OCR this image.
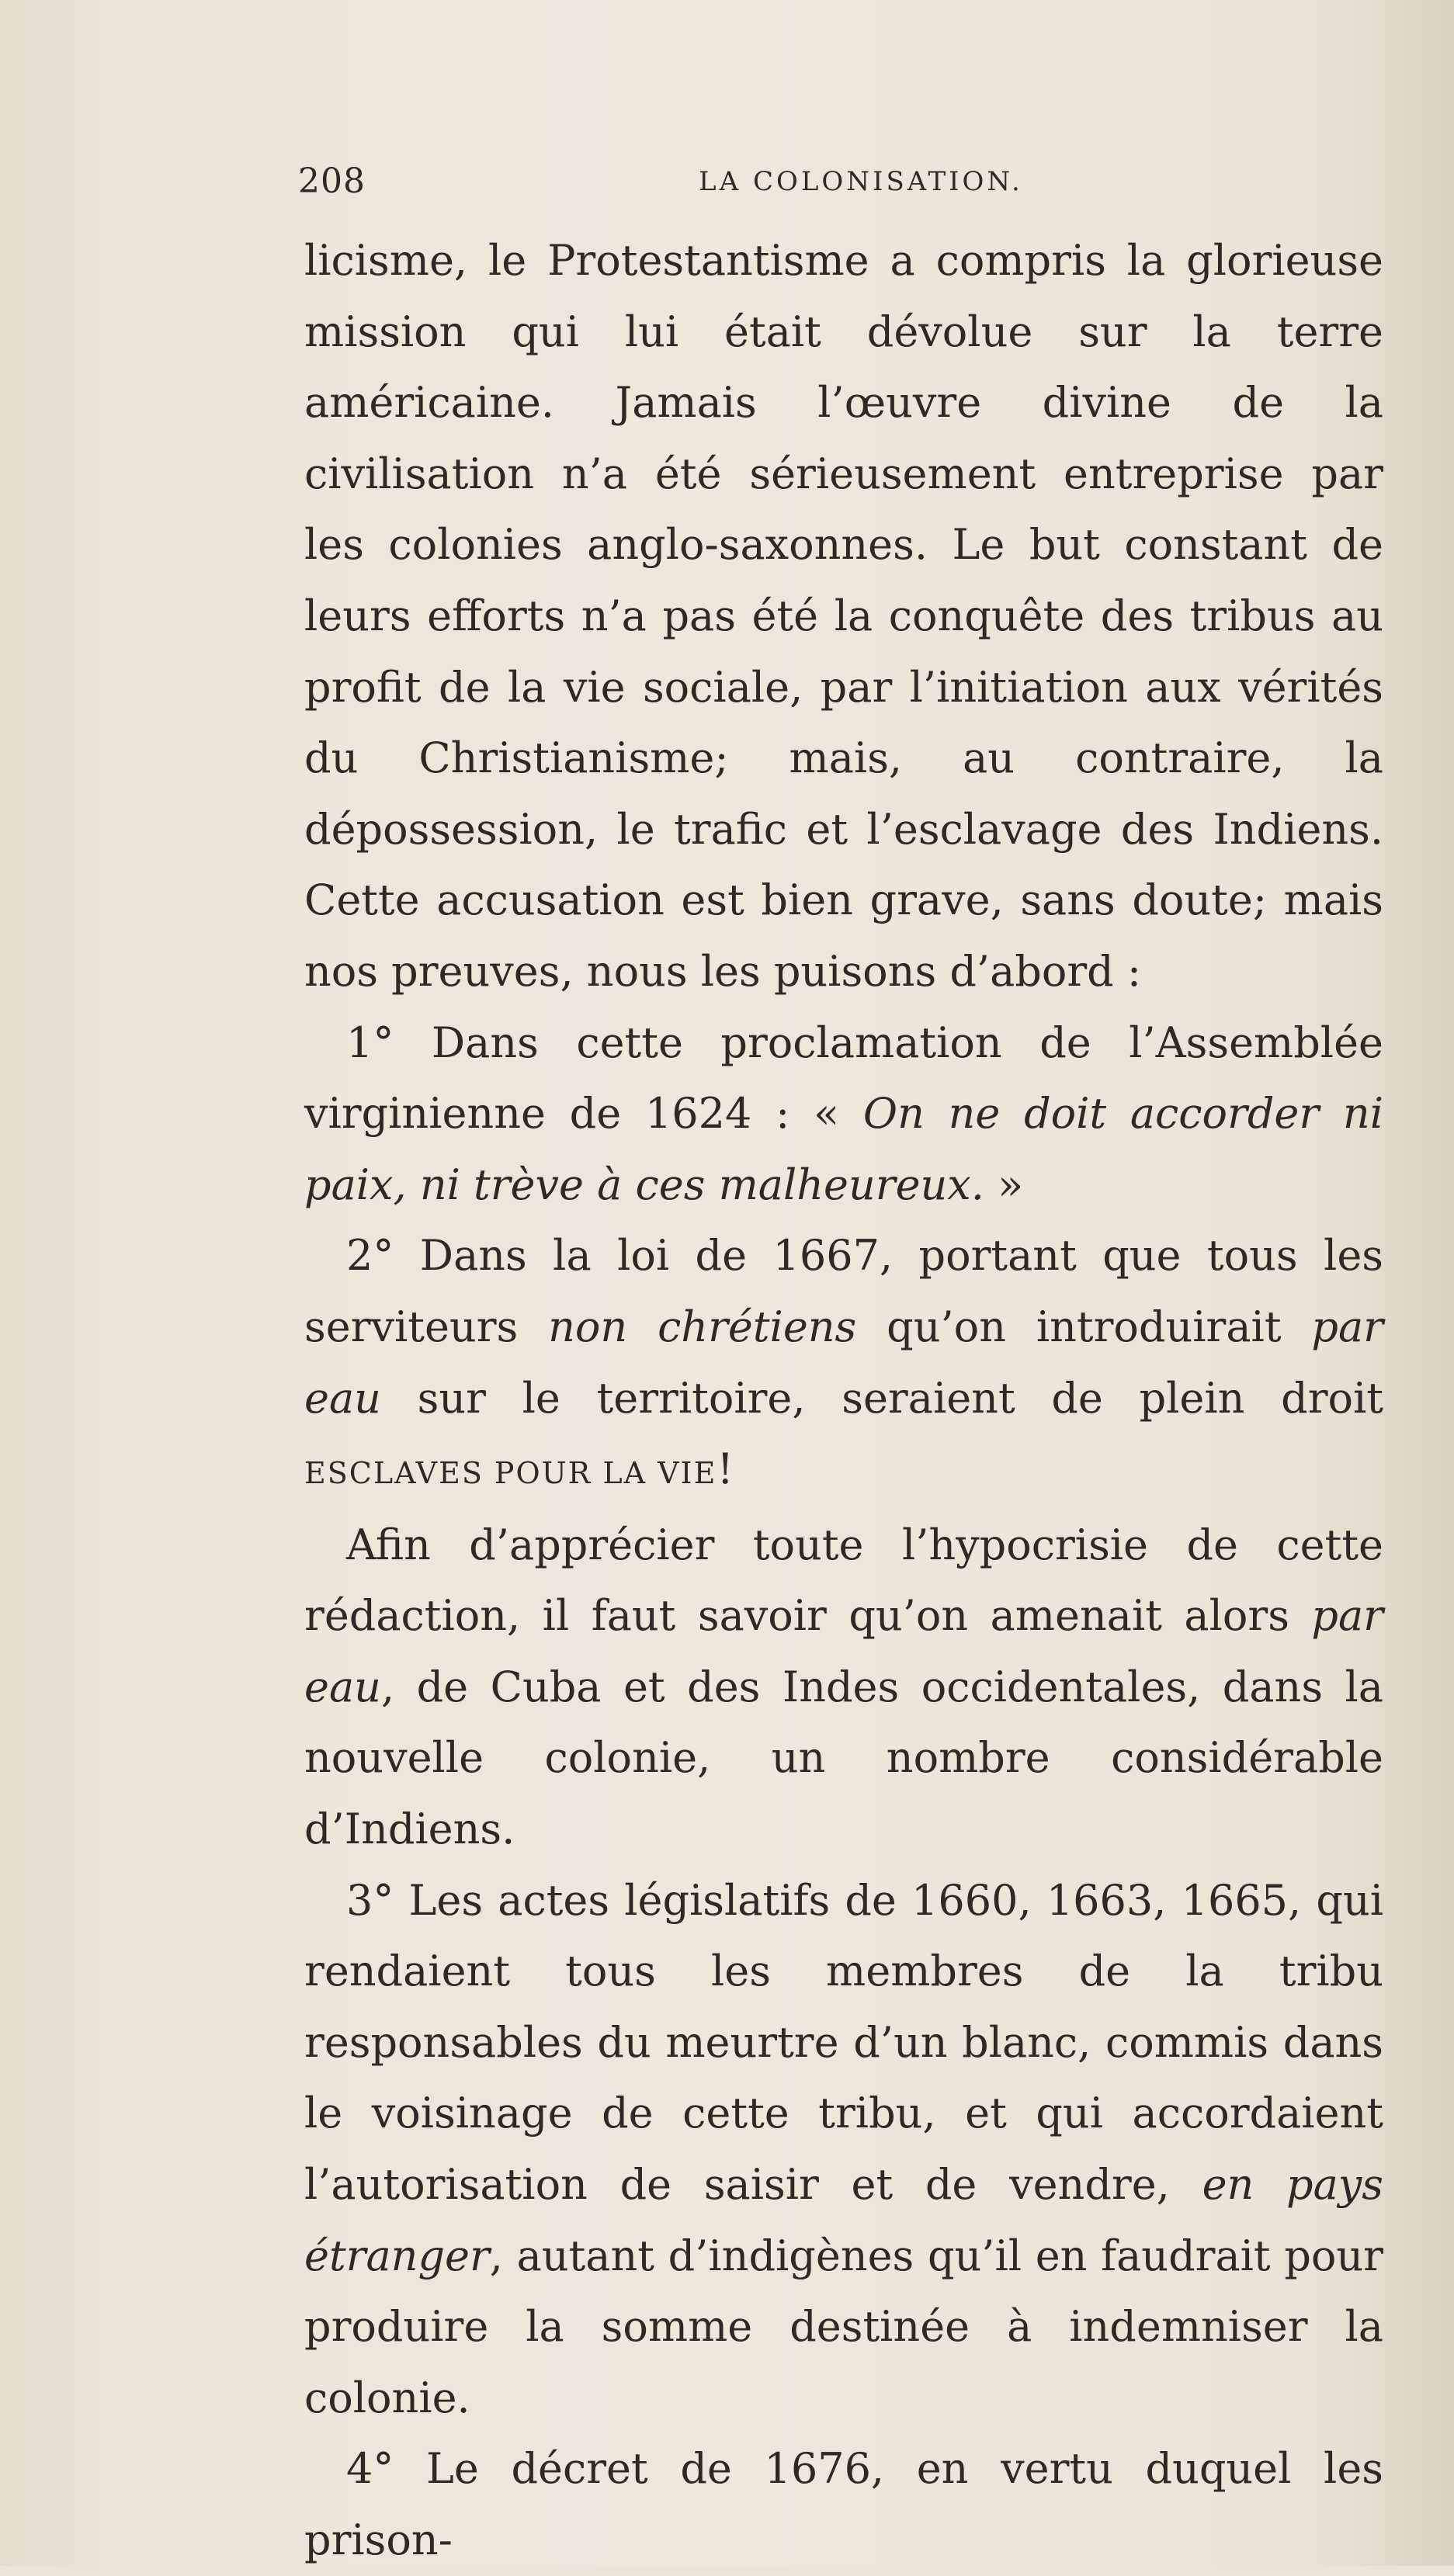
208	LA COLONISATION.

licisme, le Protestantisme a compris la glorieuse mission qui lui était dévolue sur la terre américaine. Jamais l’œuvre divine de la civilisation n’a été sérieusement entreprise par les colonies anglo-saxonnes. Le but constant de leurs efforts n’a pas été la conquête des tribus au profit de la vie sociale, par l’initiation aux vérités du Christianisme; mais, au contraire, la dépossession, le trafic et l’esclavage des Indiens. Cette accusation est bien grave, sans doute; mais nos preuves, nous les puisons d’abord :

1° Dans cette proclamation de l’Assemblée virginienne de 1624 : « On ne doit accorder ni paix, ni trève à ces malheureux. »

2° Dans la loi de 1667, portant que tous les serviteurs non chrétiens qu’on introduirait par eau sur le territoire, seraient de plein droit ESCLAVES POUR LA VIE!

Afin d’apprécier toute l’hypocrisie de cette rédaction, il faut savoir qu’on amenait alors par eau, de Cuba et des Indes occidentales, dans la nouvelle colonie, un nombre considérable d’Indiens.

3° Les actes législatifs de 1660, 1663, 1665, qui rendaient tous les membres de la tribu responsables du meurtre d’un blanc, commis dans le voisinage de cette tribu, et qui accordaient l’autorisation de saisir et de vendre, en pays étranger, autant d’indigènes qu’il en faudrait pour produire la somme destinée à indemniser la colonie.

4° Le décret de 1676, en vertu duquel les prison-
